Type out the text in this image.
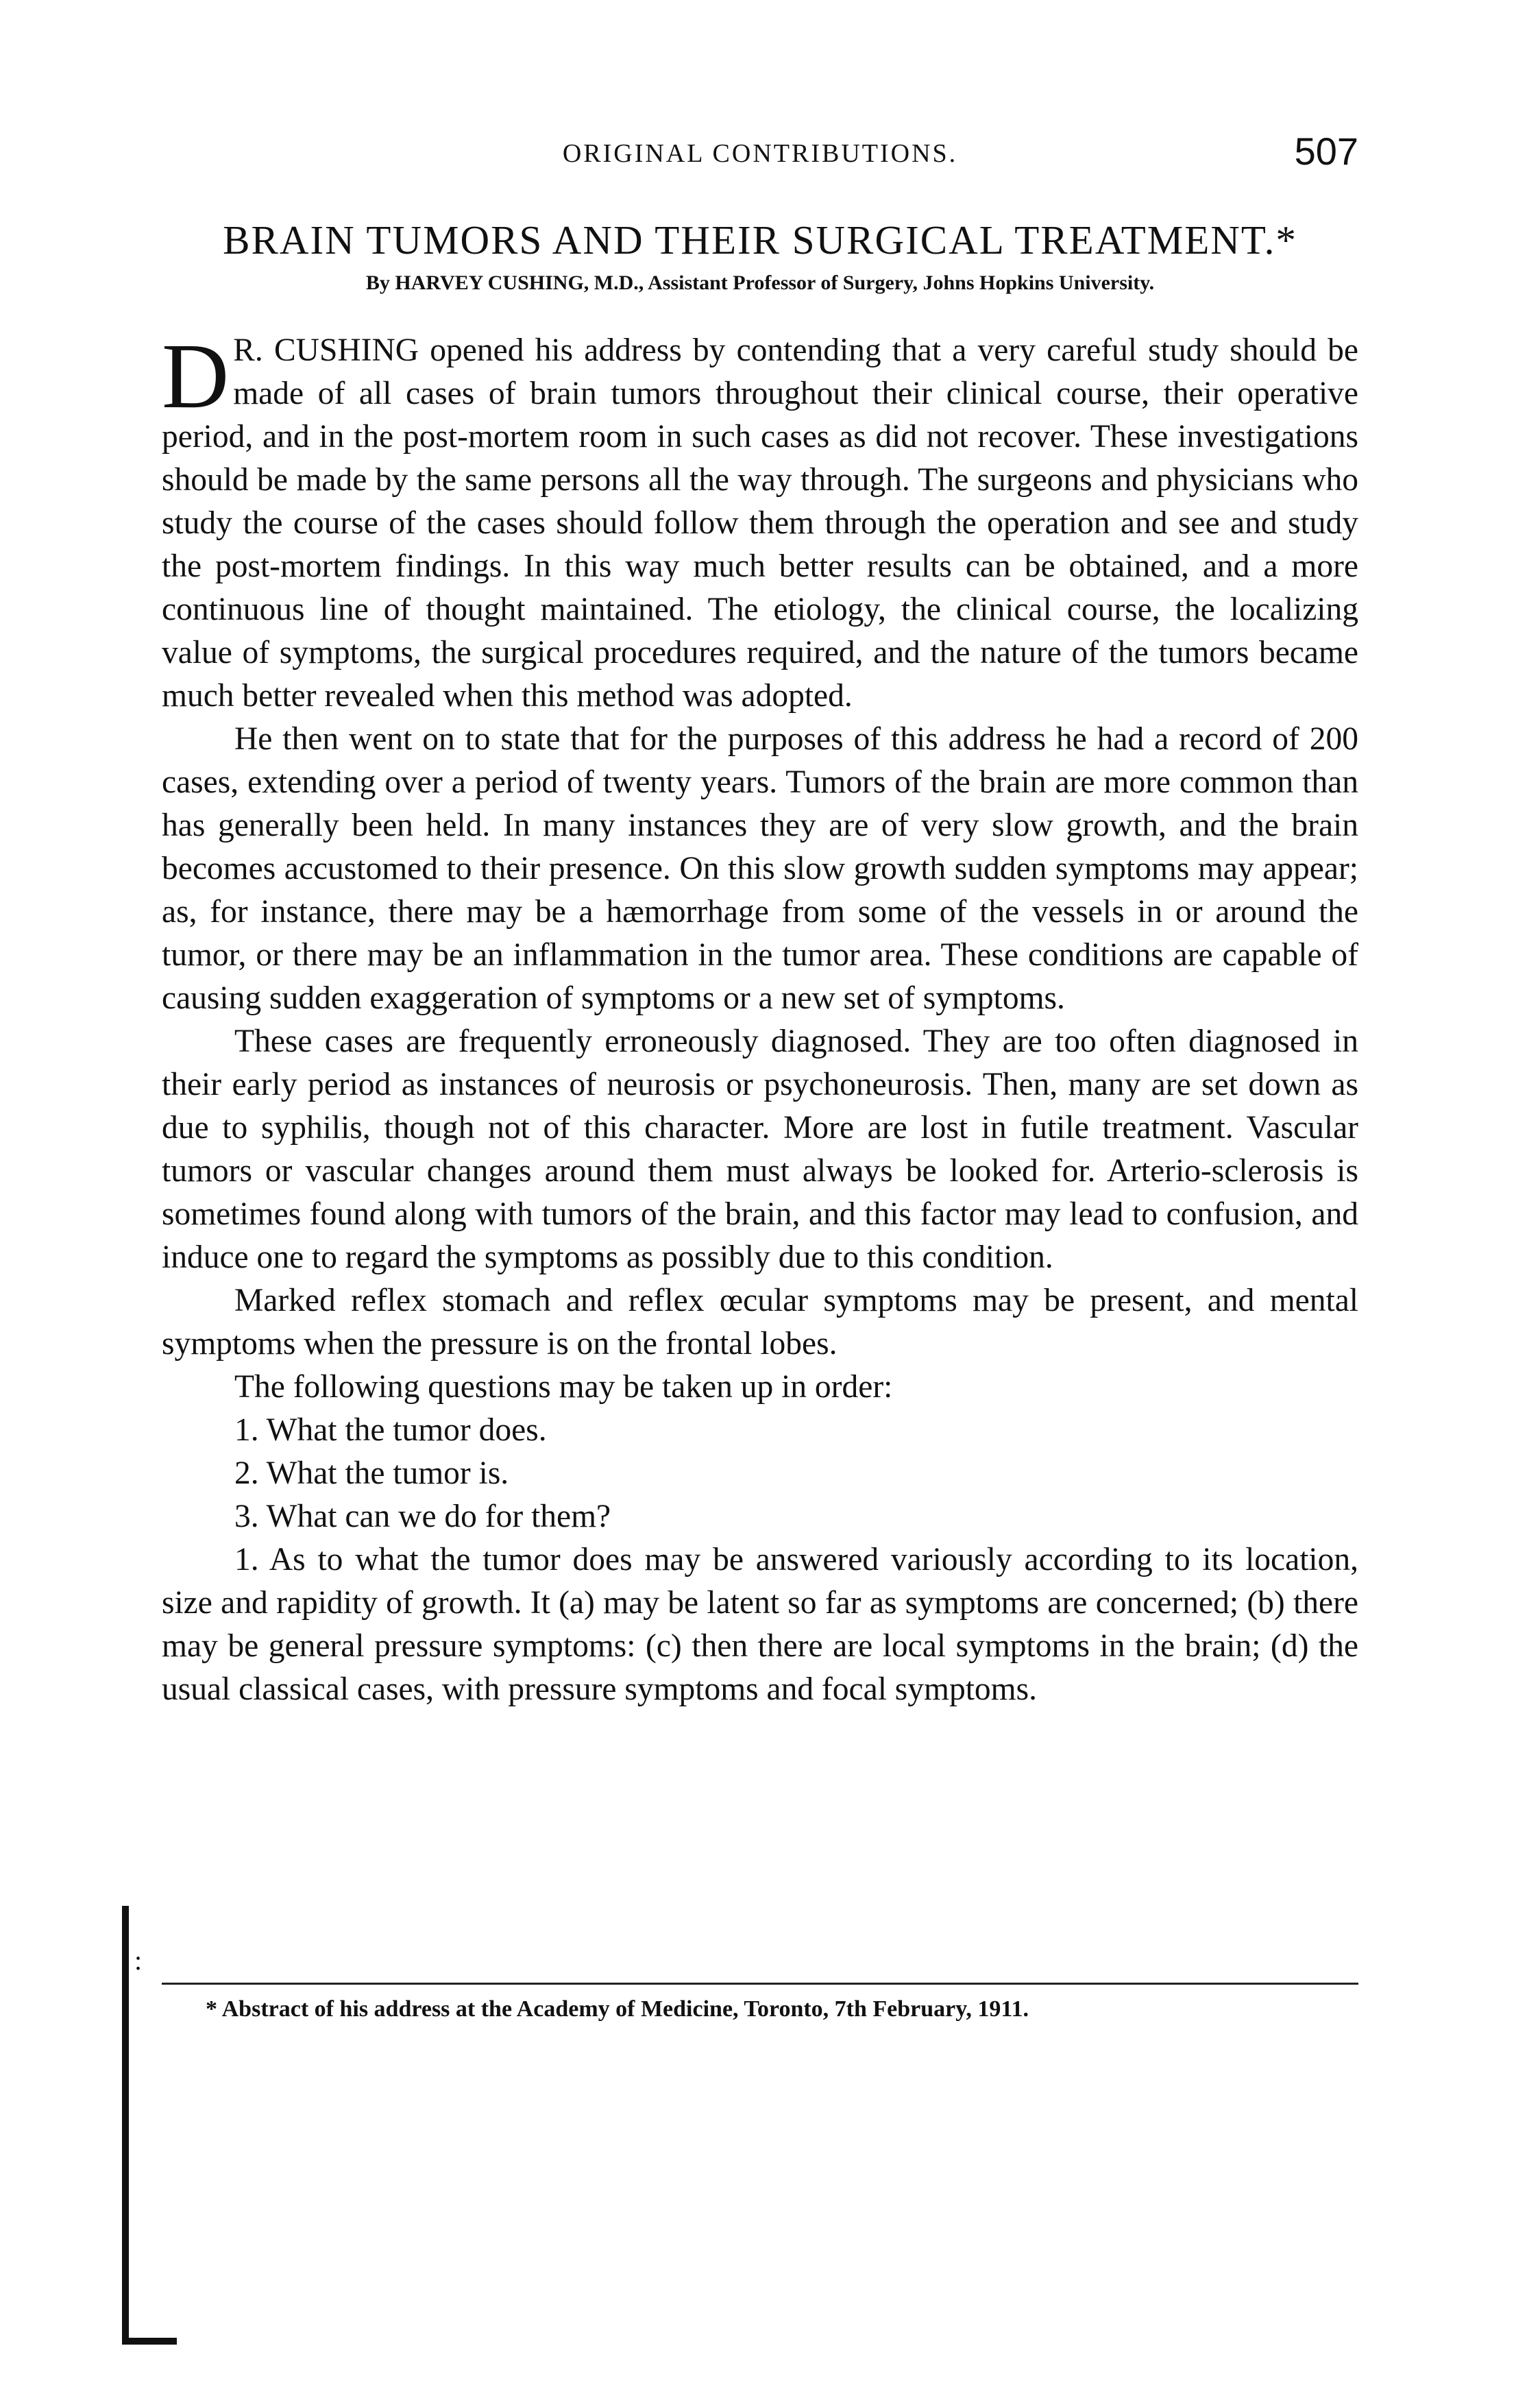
ORIGINAL CONTRIBUTIONS.	507
BRAIN TUMORS AND THEIR SURGICAL TREATMENT.*
By HARVEY CUSHING, M.D., Assistant Professor of Surgery, Johns Hopkins University.

DR. CUSHING opened his address by contending that a very careful study should be made of all cases of brain tumors throughout their clinical course, their operative period, and in the post-mortem room in such cases as did not recover. These investigations should be made by the same persons all the way through. The surgeons and physicians who study the course of the cases should follow them through the operation and see and study the post-mortem findings. In this way much better results can be obtained, and a more continuous line of thought maintained. The etiology, the clinical course, the localizing value of symptoms, the surgical procedures required, and the nature of the tumors became much better revealed when this method was adopted.

He then went on to state that for the purposes of this address he had a record of 200 cases, extending over a period of twenty years. Tumors of the brain are more common than has generally been held. In many instances they are of very slow growth, and the brain becomes accustomed to their presence. On this slow growth sudden symptoms may appear; as, for instance, there may be a hæmorrhage from some of the vessels in or around the tumor, or there may be an inflammation in the tumor area. These conditions are capable of causing sudden exaggeration of symptoms or a new set of symptoms.

These cases are frequently erroneously diagnosed. They are too often diagnosed in their early period as instances of neurosis or psychoneurosis. Then, many are set down as due to syphilis, though not of this character. More are lost in futile treatment. Vascular tumors or vascular changes around them must always be looked for. Arterio-sclerosis is sometimes found along with tumors of the brain, and this factor may lead to confusion, and induce one to regard the symptoms as possibly due to this condition.

Marked reflex stomach and reflex œcular symptoms may be present, and mental symptoms when the pressure is on the frontal lobes.

The following questions may be taken up in order:

1. What the tumor does.

2. What the tumor is.

3. What can we do for them?

1. As to what the tumor does may be answered variously according to its location, size and rapidity of growth. It (a) may be latent so far as symptoms are concerned; (b) there may be general pressure symptoms: (c) then there are local symptoms in the brain; (d) the usual classical cases, with pressure symptoms and focal symptoms.

* Abstract of his address at the Academy of Medicine, Toronto, 7th February, 1911.
:
